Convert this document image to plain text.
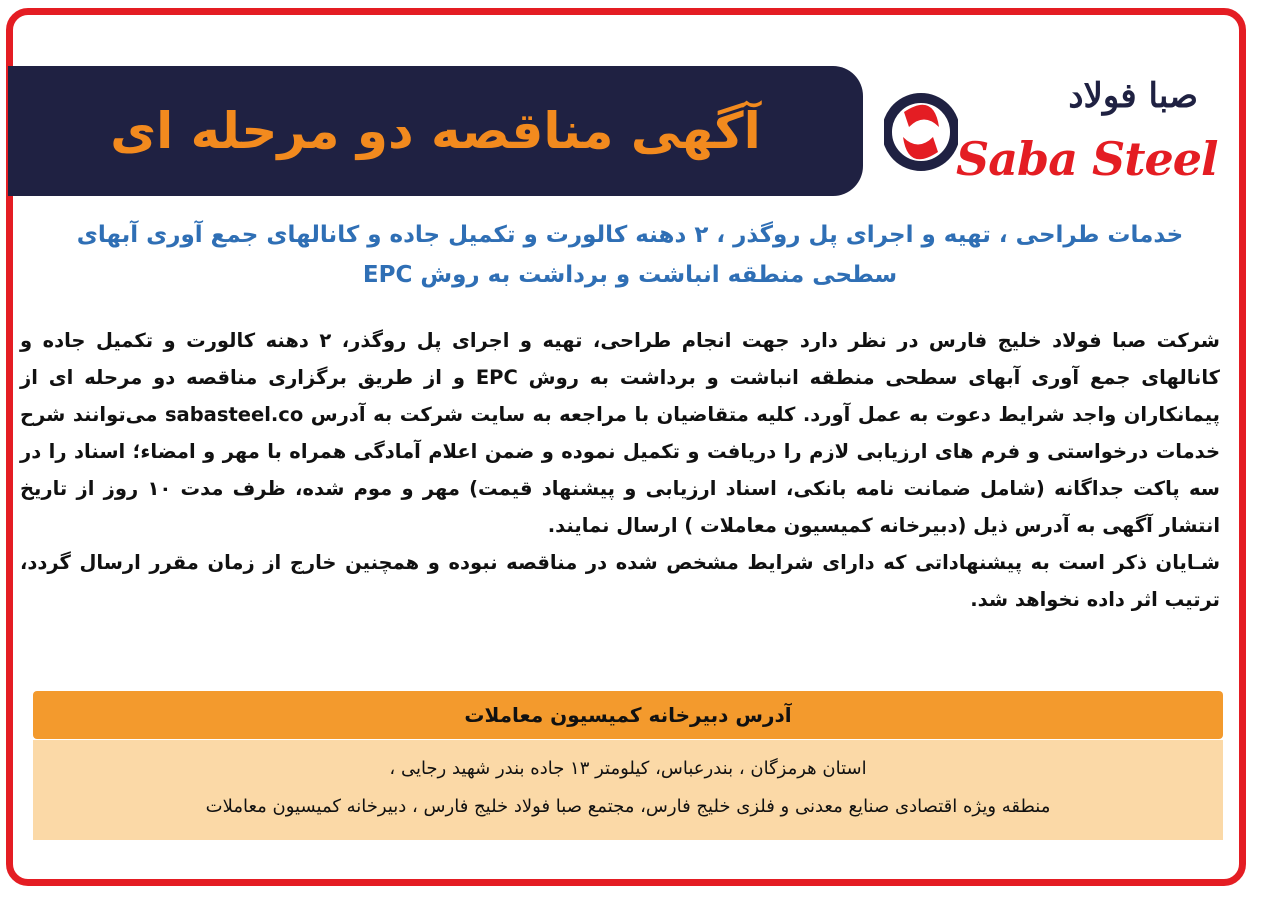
آگهی مناقصه دو مرحله ای
صبا فولاد
Saba Steel
خدمات طراحی ، تهیه و اجرای پل روگذر ، ۲ دهنه کالورت و تکمیل جاده و کانالهای جمع آوری آبهای
سطحی منطقه انباشت و برداشت به روش EPC

شرکت صبا فولاد خلیج فارس در نظر دارد جهت انجام طراحی، تهیه و اجرای پل روگذر، ۲ دهنه کالورت و تکمیل جاده و کانالهای جمع آوری آبهای سطحی منطقه انباشت و برداشت به روش EPC و از طریق برگزاری مناقصه دو مرحله ای از پیمانکاران واجد شرایط دعوت به عمل آورد. کلیه متقاضیان با مراجعه به سایت شرکت به آدرس sabasteel.co می‌توانند شرح خدمات درخواستی و فرم های ارزیابی لازم را دریافت و تکمیل نموده و ضمن اعلام آمادگی همراه با مهر و امضاء؛ اسناد را در سه پاکت جداگانه (شامل ضمانت نامه بانکی، اسناد ارزیابی و پیشنهاد قیمت) مهر و موم شده، ظرف مدت ۱۰ روز از تاریخ انتشار آگهی به آدرس ذیل (دبیرخانه کمیسیون معاملات ) ارسال نمایند.

شـایان ذکر است به پیشنهاداتی که دارای شرایط مشخص شده در مناقصه نبوده و همچنین خارج از زمان مقرر ارسال گردد، ترتیب اثر داده نخواهد شد.

آدرس دبیرخانه کمیسیون معاملات
استان هرمزگان ، بندرعباس، کیلومتر ۱۳ جاده بندر شهید رجایی ،
منطقه ویژه اقتصادی صنایع معدنی و فلزی خلیج فارس، مجتمع صبا فولاد خلیج فارس ، دبیرخانه کمیسیون معاملات
